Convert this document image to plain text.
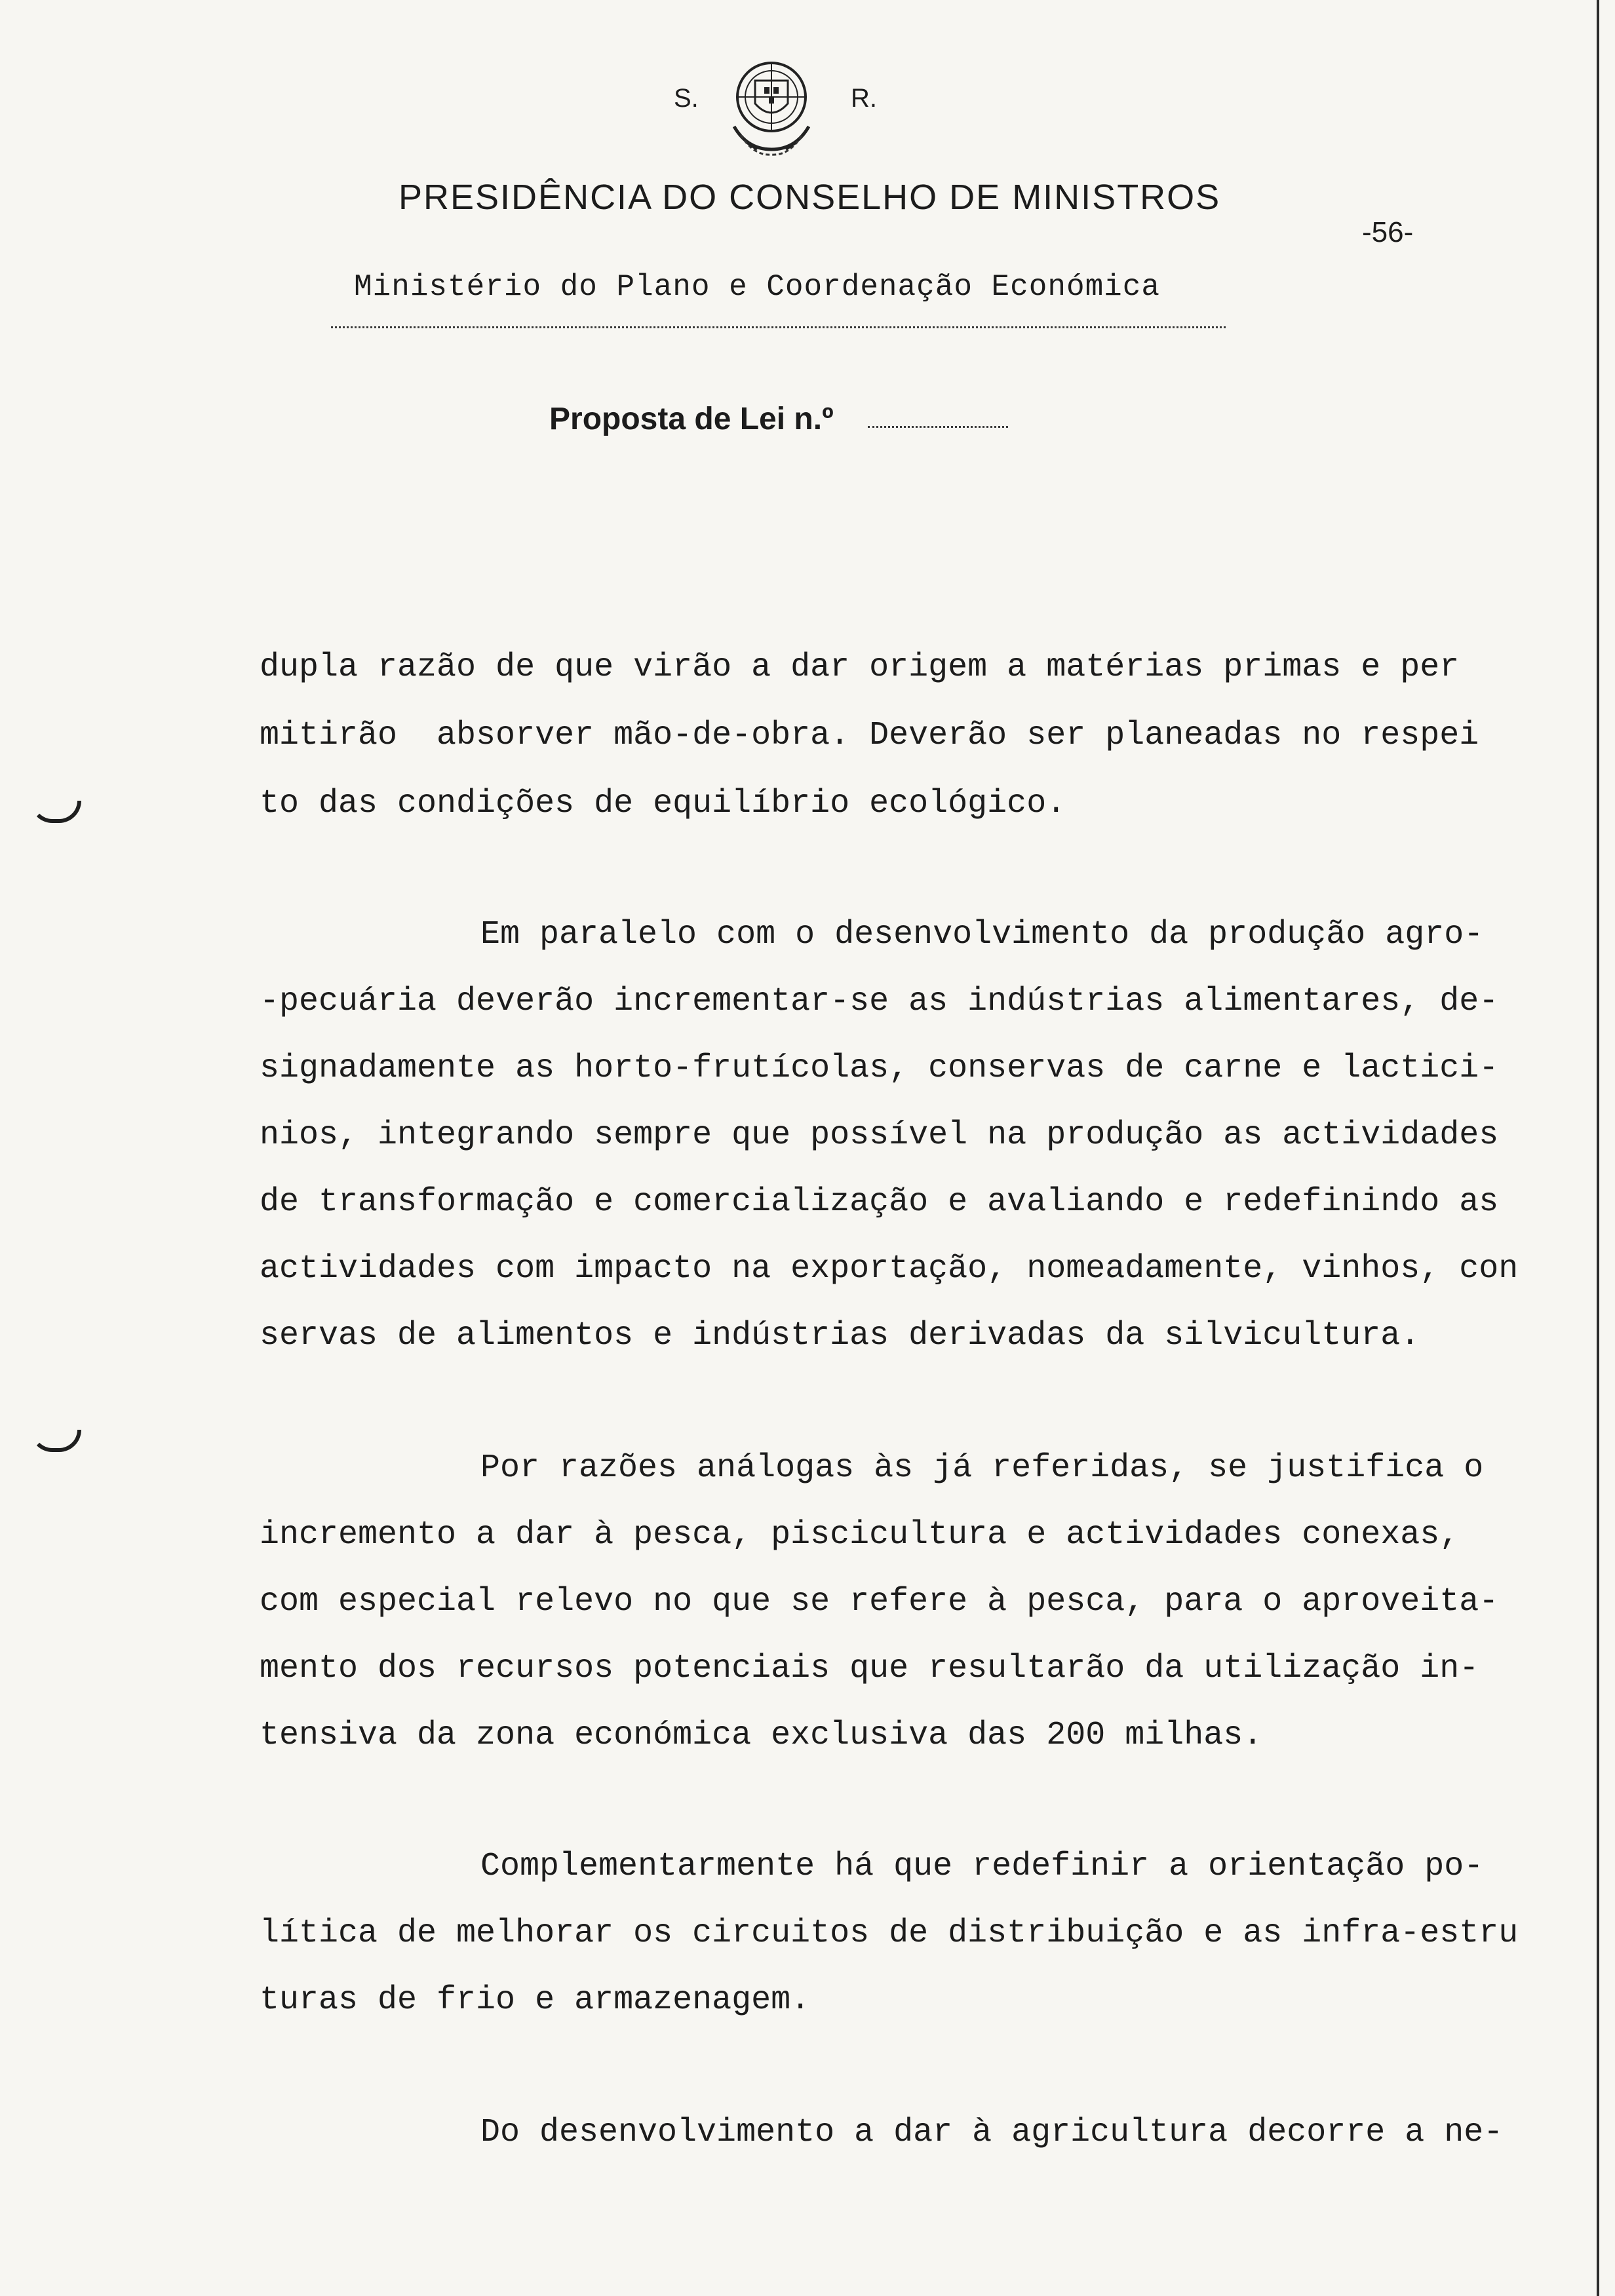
S.	R.
PRESIDÊNCIA DO CONSELHO DE MINISTROS
-56-
Ministério do Plano e Coordenação Económica
Proposta de Lei n.º
dupla razão de que virão a dar origem a matérias primas e per
mitirão  absorver mão-de-obra. Deverão ser planeadas no respei
to das condições de equilíbrio ecológico.
Em paralelo com o desenvolvimento da produção agro-
-pecuária deverão incrementar-se as indústrias alimentares, de-
signadamente as horto-frutícolas, conservas de carne e lactici-
nios, integrando sempre que possível na produção as actividades
de transformação e comercialização e avaliando e redefinindo as
actividades com impacto na exportação, nomeadamente, vinhos, con
servas de alimentos e indústrias derivadas da silvicultura.
Por razões análogas às já referidas, se justifica o
incremento a dar à pesca, piscicultura e actividades conexas,
com especial relevo no que se refere à pesca, para o aproveita-
mento dos recursos potenciais que resultarão da utilização in-
tensiva da zona económica exclusiva das 200 milhas.
Complementarmente há que redefinir a orientação po-
lítica de melhorar os circuitos de distribuição e as infra-estru
turas de frio e armazenagem.
Do desenvolvimento a dar à agricultura decorre a ne-
